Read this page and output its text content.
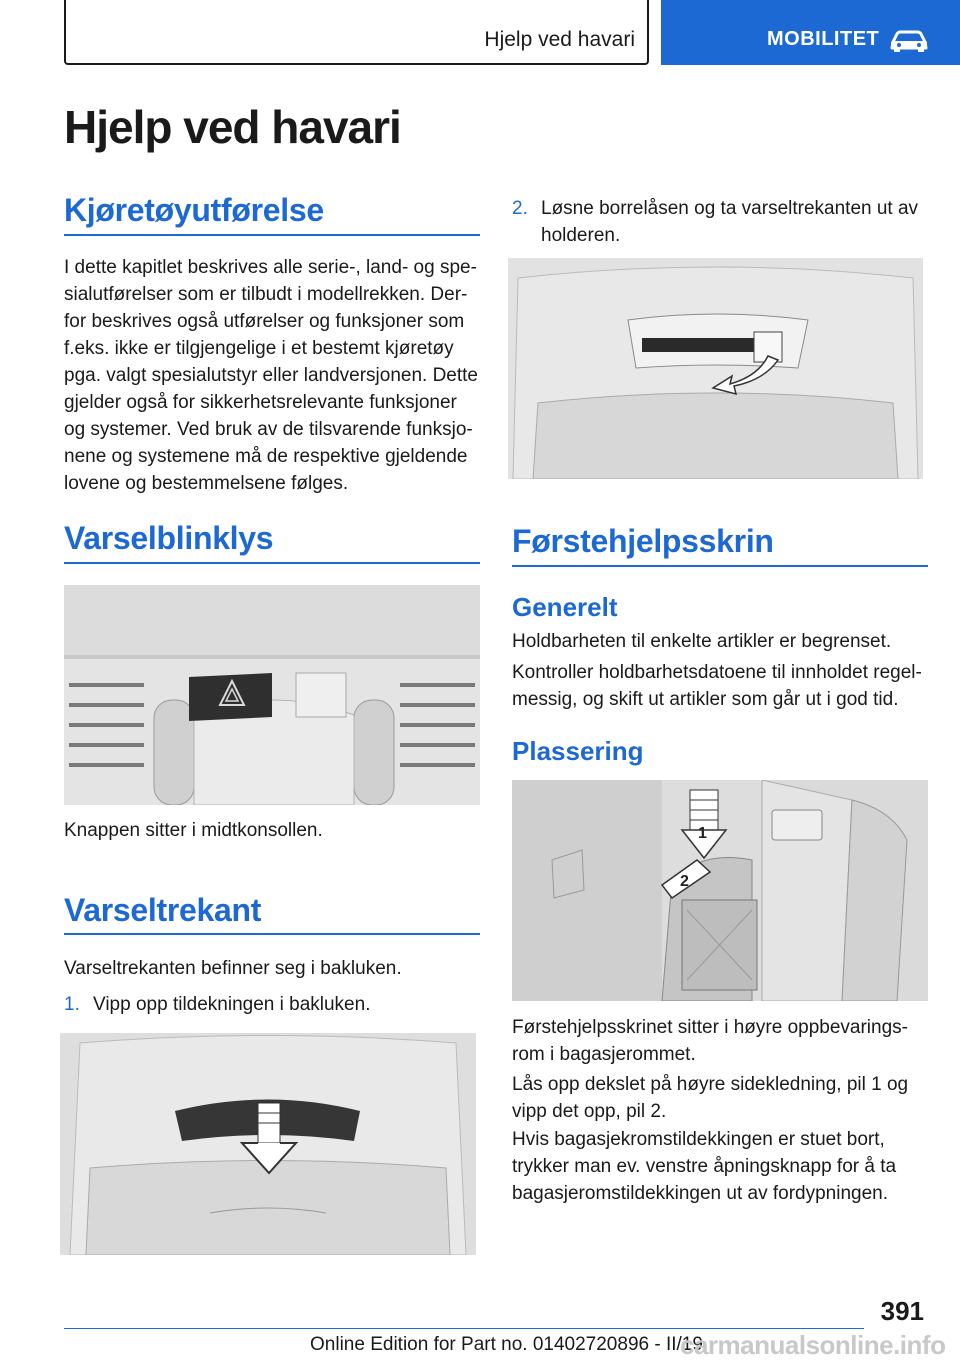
Hjelp ved havari	MOBILITET
Hjelp ved havari
Kjøretøyutførelse
I dette kapitlet beskrives alle serie-, land- og spe-
sialutførelser som er tilbudt i modellrekken. Der-
for beskrives også utførelser og funksjoner som
f.eks. ikke er tilgjengelige i et bestemt kjøretøy
pga. valgt spesialutstyr eller landversjonen. Dette
gjelder også for sikkerhetsrelevante funksjoner
og systemer. Ved bruk av de tilsvarende funksjo-
nene og systemene må de respektive gjeldende
lovene og bestemmelsene følges.
Varselblinklys
Knappen sitter i midtkonsollen.
Varseltrekant
Varseltrekanten befinner seg i bakluken.
1. Vipp opp tildekningen i bakluken.
2. Løsne borrelåsen og ta varseltrekanten ut av
holderen.
Førstehjelpsskrin
Generelt
Holdbarheten til enkelte artikler er begrenset.
Kontroller holdbarhetsdatoene til innholdet regel-
messig, og skift ut artikler som går ut i god tid.
Plassering
1
2
Førstehjelpsskrinet sitter i høyre oppbevarings-
rom i bagasjerommet.
Lås opp dekslet på høyre sidekledning, pil 1 og
vipp det opp, pil 2.
Hvis bagasjekromstildekkingen er stuet bort,
trykker man ev. venstre åpningsknapp for å ta
bagasjeromstildekkingen ut av fordypningen.
391
Online Edition for Part no. 01402720896 - II/19
carmanualsonline.info
